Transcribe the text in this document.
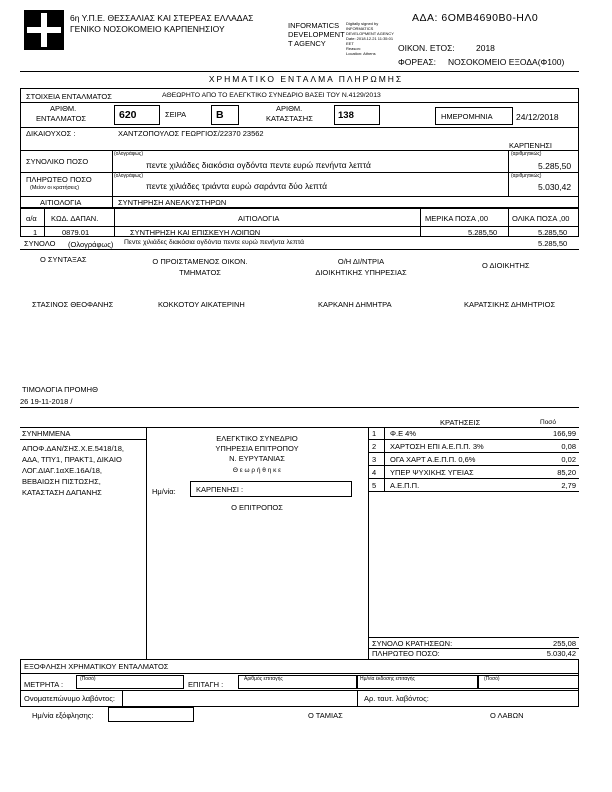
6η Υ.Π.Ε. ΘΕΣΣΑΛΙΑΣ ΚΑΙ ΣΤΕΡΕΑΣ ΕΛΛΑΔΑΣ
ΓΕΝΙΚΟ ΝΟΣΟΚΟΜΕΙΟ ΚΑΡΠΕΝΗΣΙΟΥ	INFORMATICS
DEVELOPMENT
T AGENCY
Digitally signed by
INFORMATICS
DEVELOPMENT AGENCY
Date: 2018.12.21 11:35:01
EET
Reason:
Location: Athens
ΑΔΑ: 6ΟΜΒ4690Β0-ΗΛ0
ΟΙΚΟΝ. ΕΤΟΣ: 2018
ΦΟΡΕΑΣ: ΝΟΣΟΚΟΜΕΙΟ ΕΞΟΔΑ(Φ100)
ΧΡΗΜΑΤΙΚΟ ΕΝΤΑΛΜΑ ΠΛΗΡΩΜΗΣ
ΣΤΟΙΧΕΙΑ ΕΝΤΑΛΜΑΤΟΣ	ΑΘΕΩΡΗΤΟ ΑΠΟ ΤΟ ΕΛΕΓΚΤΙΚΟ ΣΥΝΕΔΡΙΟ ΒΑΣΕΙ ΤΟΥ Ν.4129/2013
ΑΡΙΘΜ.
ΕΝΤΑΛΜΑΤΟΣ	620	ΣΕΙΡΑ	Β
ΑΡΙΘΜ.
ΚΑΤΑΣΤΑΣΗΣ	138	ΗΜΕΡΟΜΗΝΙΑ	24/12/2018
ΔΙΚΑΙΟΥΧΟΣ :	ΧΑΝΤΖΟΠΟΥΛΟΣ ΓΕΩΡΓΙΟΣ/22370 23562
ΚΑΡΠΕΝΗΣΙ
ΣΥΝΟΛΙΚΟ ΠΟΣΟ
(ολογράφως)
πεντε χιλιάδες διακόσια ογδόντα πεντε ευρώ πενήντα λεπτά
(αριθμητικώς)
5.285,50
ΠΛΗΡΩΤΕΟ ΠΟΣΟ
(Μείον οι κρατήσεις)
(ολογράφως)
πεντε χιλιάδες τριάντα ευρώ σαράντα δύο λεπτά
(αριθμητικώς)
5.030,42
ΑΙΤΙΟΛΟΓΙΑ	ΣΥΝΤΗΡΗΣΗ ΑΝΕΛΚΥΣΤΗΡΩΝ
α/α ΚΩΔ. ΔΑΠΑΝ.	ΑΙΤΙΟΛΟΓΙΑ	ΜΕΡΙΚΑ ΠΟΣΑ ,00	ΟΛΙΚΑ ΠΟΣΑ ,00
1	0879.01	ΣΥΝΤΗΡΗΣΗ ΚΑΙ ΕΠΙΣΚΕΥΗ ΛΟΙΠΩΝ	5.285,50	5.285,50
ΣΥΝΟΛΟ (Ολογράφως) Πεντε χιλιάδες διακόσια ογδόντα πεντε ευρώ πενήντα λεπτά	5.285,50
Ο ΣΥΝΤΑΞΑΣ	Ο ΠΡΟΙΣΤΑΜΕΝΟΣ ΟΙΚΟΝ.
ΤΜΗΜΑΤΟΣ
Ο/Η ΔΙ/ΝΤΡΙΑ
ΔΙΟΙΚΗΤΙΚΗΣ ΥΠΗΡΕΣΙΑΣ
Ο ΔΙΟΙΚΗΤΗΣ
ΣΤΑΣΙΝΟΣ ΘΕΟΦΑΝΗΣ	ΚΟΚΚΟΤΟΥ ΑΙΚΑΤΕΡΙΝΗ	ΚΑΡΚΑΝΗ ΔΗΜΗΤΡΑ	ΚΑΡΑΤΣΙΚΗΣ ΔΗΜΗΤΡΙΟΣ
ΤΙΜΟΛΟΓΙΑ ΠΡΟΜΗΘ
26 19-11-2018 /
ΚΡΑΤΗΣΕΙΣ	Ποσό
ΣΥΝΗΜΜΕΝΑ
ΑΠΟΦ.ΔΑΝ/ΣΗΣ.Χ.Ε.5418/18,
ΑΔΑ, ΤΠΥ1, ΠΡΑΚΤ1, ΔΙΚΑΙΟ
ΛΟΓ.ΔΙΑΓ.1αΧΕ.16Α/18,
ΒΕΒΑΙΩΣΗ ΠΙΣΤΩΣΗΣ,
ΚΑΤΑΣΤΑΣΗ ΔΑΠΑΝΗΣ
ΕΛΕΓΚΤΙΚΟ ΣΥΝΕΔΡΙΟ
ΥΠΗΡΕΣΙΑ ΕΠΙΤΡΟΠΟΥ
Ν. ΕΥΡΥΤΑΝΙΑΣ
Θ ε ω ρ ή θ η κ ε
Ημ/νία:	ΚΑΡΠΕΝΗΣΙ :
Ο ΕΠΙΤΡΟΠΟΣ
1 Φ.Ε 4%	166,99
2 ΧΑΡΤΟΣΗ ΕΠΙ Α.Ε.Π.Π. 3%	0,08
3 ΟΓΑ ΧΑΡΤ Α.Ε.Π.Π. 0,6%	0,02
4 ΥΠΕΡ ΨΥΧΙΚΗΣ ΥΓΕΙΑΣ	85,20
5 Α.Ε.Π.Π.	2,79
ΣΥΝΟΛΟ ΚΡΑΤΗΣΕΩΝ:	255,08
ΠΛΗΡΩΤΕΟ ΠΟΣΟ:	5.030,42
ΕΞΟΦΛΗΣΗ ΧΡΗΜΑΤΙΚΟΥ ΕΝΤΑΛΜΑΤΟΣ
ΜΕΤΡΗΤΑ :
(Ποσό)
ΕΠΙΤΑΓΗ :
Αριθμός επιταγής	Ημ/νία έκδοσης επιταγής	(Ποσό)
Ονοματεπώνυμο λαβόντος:	Αρ. ταυτ. λαβόντος:
Ημ/νία εξόφλησης:	Ο ΤΑΜΙΑΣ	Ο ΛΑΒΩΝ
